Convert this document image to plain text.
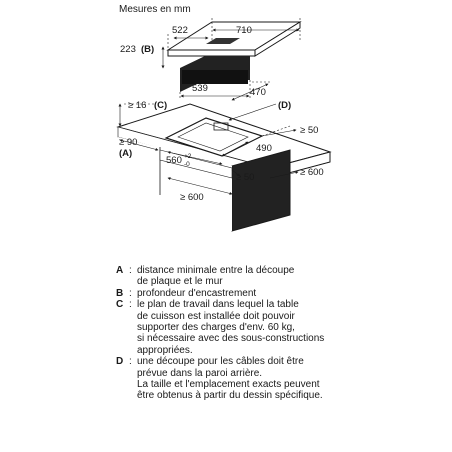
Mesures en mm
522	710
223 (B)
539	470
≥ 16 (C)	(D)
≥ 50
≥ 90
(A)	490
560 +2
-0
≥ 50	≥ 600
≥ 600
A : distance minimale entre la découpe
de plaque et le mur
B : profondeur d'encastrement
C : le plan de travail dans lequel la table
de cuisson est installée doit pouvoir
supporter des charges d'env. 60 kg,
si nécessaire avec des sous-constructions
appropriées.
D : une découpe pour les câbles doit être
prévue dans la paroi arrière.
La taille et l'emplacement exacts peuvent
être obtenus à partir du dessin spécifique.
